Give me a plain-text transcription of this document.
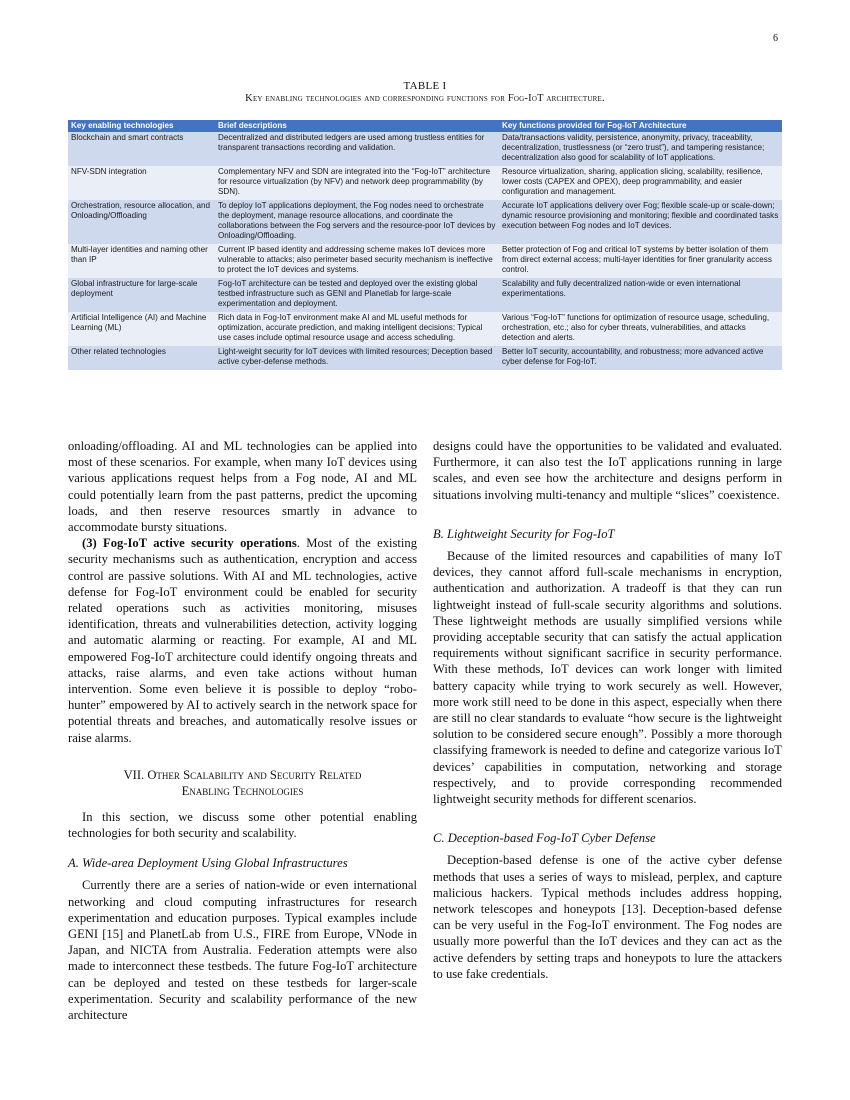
6
TABLE I
Key enabling technologies and corresponding functions for Fog-IoT architecture.
Key enabling technologies	Brief descriptions	Key functions provided for Fog-IoT Architecture
Blockchain and smart contracts	Decentralized and distributed ledgers are used among trustless entities for transparent transactions recording and validation.	Data/transactions validity, persistence, anonymity, privacy, traceability, decentralization, trustlessness (or “zero trust”), and tampering resistance; decentralization also good for scalability of IoT applications.
NFV-SDN integration	Complementary NFV and SDN are integrated into the “Fog-IoT” architecture for resource virtualization (by NFV) and network deep programmability (by SDN).	Resource virtualization, sharing, application slicing, scalability, resilience, lower costs (CAPEX and OPEX), deep programmability, and easier configuration and management.
Orchestration, resource allocation, and Onloading/Offloading	To deploy IoT applications deployment, the Fog nodes need to orchestrate the deployment, manage resource allocations, and coordinate the collaborations between the Fog servers and the resource-poor IoT devices by Onloading/Offloading.	Accurate IoT applications delivery over Fog; flexible scale-up or scale-down; dynamic resource provisioning and monitoring; flexible and coordinated tasks execution between Fog nodes and IoT devices.
Multi-layer identities and naming other than IP	Current IP based identity and addressing scheme makes IoT devices more vulnerable to attacks; also perimeter based security mechanism is ineffective to protect the IoT devices and systems.	Better protection of Fog and critical IoT systems by better isolation of them from direct external access; multi-layer identities for finer granularity access control.
Global infrastructure for large-scale deployment	Fog-IoT architecture can be tested and deployed over the existing global testbed infrastructure such as GENI and Planetlab for large-scale experimentation and deployment.	Scalability and fully decentralized nation-wide or even international experimentations.
Artificial Intelligence (AI) and Machine Learning (ML)	Rich data in Fog-IoT environment make AI and ML useful methods for optimization, accurate prediction, and making intelligent decisions; Typical use cases include optimal resource usage and access scheduling.	Various “Fog-IoT” functions for optimization of resource usage, scheduling, orchestration, etc.; also for cyber threats, vulnerabilities, and attacks detection and alerts.
Other related technologies	Light-weight security for IoT devices with limited resources; Deception based active cyber-defense methods.	Better IoT security, accountability, and robustness; more advanced active cyber defense for Fog-IoT.

onloading/offloading. AI and ML technologies can be applied into most of these scenarios. For example, when many IoT devices using various applications request helps from a Fog node, AI and ML could potentially learn from the past patterns, predict the upcoming loads, and then reserve resources smartly in advance to accommodate bursty situations.

(3) Fog-IoT active security operations. Most of the existing security mechanisms such as authentication, encryption and access control are passive solutions. With AI and ML technologies, active defense for Fog-IoT environment could be enabled for security related operations such as activities monitoring, misuses identification, threats and vulnerabilities detection, activity logging and automatic alarming or reacting. For example, AI and ML empowered Fog-IoT architecture could identify ongoing threats and attacks, raise alarms, and even take actions without human intervention. Some even believe it is possible to deploy “robo-hunter” empowered by AI to actively search in the network space for potential threats and breaches, and automatically resolve issues or raise alarms.

VII. Other Scalability and Security Related
Enabling Technologies

In this section, we discuss some other potential enabling technologies for both security and scalability.

A. Wide-area Deployment Using Global Infrastructures

Currently there are a series of nation-wide or even international networking and cloud computing infrastructures for research experimentation and education purposes. Typical examples include GENI [15] and PlanetLab from U.S., FIRE from Europe, VNode in Japan, and NICTA from Australia. Federation attempts were also made to interconnect these testbeds. The future Fog-IoT architecture can be deployed and tested on these testbeds for larger-scale experimentation. Security and scalability performance of the new architecture

designs could have the opportunities to be validated and evaluated. Furthermore, it can also test the IoT applications running in large scales, and even see how the architecture and designs perform in situations involving multi-tenancy and multiple “slices” coexistence.

B. Lightweight Security for Fog-IoT

Because of the limited resources and capabilities of many IoT devices, they cannot afford full-scale mechanisms in encryption, authentication and authorization. A tradeoff is that they can run lightweight instead of full-scale security algorithms and solutions. These lightweight methods are usually simplified versions while providing acceptable security that can satisfy the actual application requirements without significant sacrifice in security performance. With these methods, IoT devices can work longer with limited battery capacity while trying to work securely as well. However, more work still need to be done in this aspect, especially when there are still no clear standards to evaluate “how secure is the lightweight solution to be considered secure enough”. Possibly a more thorough classifying framework is needed to define and categorize various IoT devices’ capabilities in computation, networking and storage respectively, and to provide corresponding recommended lightweight security methods for different scenarios.

C. Deception-based Fog-IoT Cyber Defense

Deception-based defense is one of the active cyber defense methods that uses a series of ways to mislead, perplex, and capture malicious hackers. Typical methods includes address hopping, network telescopes and honeypots [13]. Deception-based defense can be very useful in the Fog-IoT environment. The Fog nodes are usually more powerful than the IoT devices and they can act as the active defenders by setting traps and honeypots to lure the attackers to use fake credentials.
